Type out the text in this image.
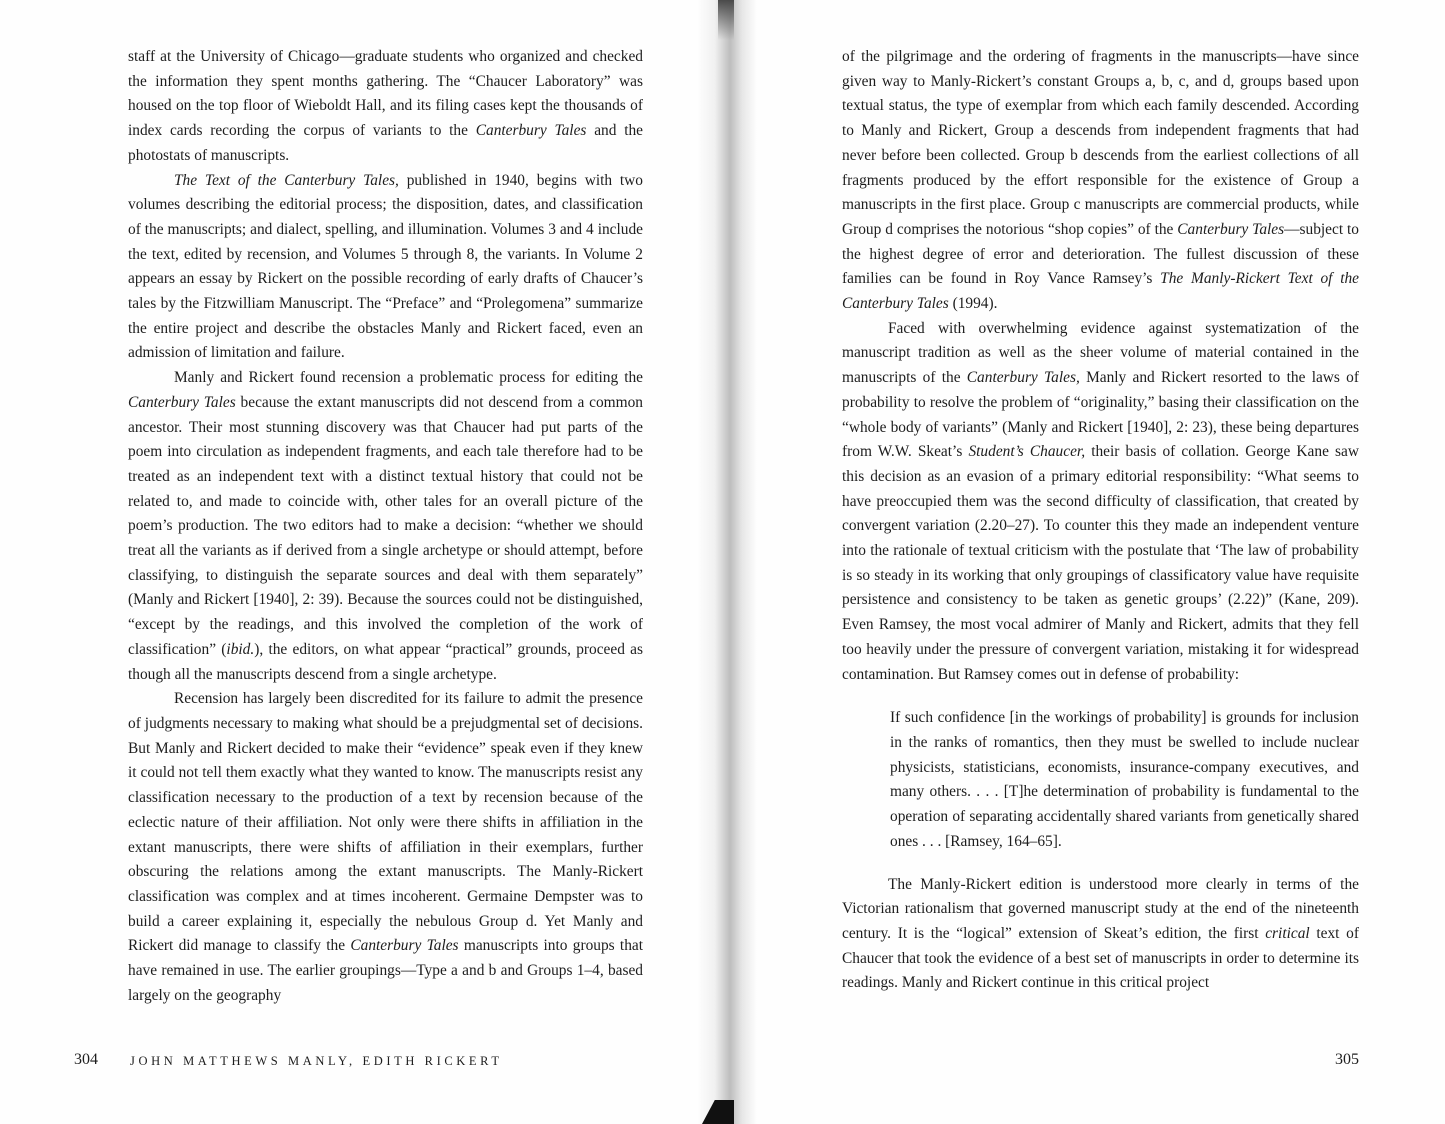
staff at the University of Chicago—graduate students who organized and checked the information they spent months gathering. The “Chaucer Laboratory” was housed on the top floor of Wieboldt Hall, and its filing cases kept the thousands of index cards recording the corpus of variants to the Canterbury Tales and the photostats of manuscripts.

The Text of the Canterbury Tales, published in 1940, begins with two volumes describing the editorial process; the disposition, dates, and classification of the manuscripts; and dialect, spelling, and illumination. Volumes 3 and 4 include the text, edited by recension, and Volumes 5 through 8, the variants. In Volume 2 appears an essay by Rickert on the possible recording of early drafts of Chaucer’s tales by the Fitzwilliam Manuscript. The “Preface” and “Prolegomena” summarize the entire project and describe the obstacles Manly and Rickert faced, even an admission of limitation and failure.

Manly and Rickert found recension a problematic process for editing the Canterbury Tales because the extant manuscripts did not descend from a common ancestor. Their most stunning discovery was that Chaucer had put parts of the poem into circulation as independent fragments, and each tale therefore had to be treated as an independent text with a distinct textual history that could not be related to, and made to coincide with, other tales for an overall picture of the poem’s production. The two editors had to make a decision: “whether we should treat all the variants as if derived from a single archetype or should attempt, before classifying, to distinguish the separate sources and deal with them separately” (Manly and Rickert [1940], 2: 39). Because the sources could not be distinguished, “except by the readings, and this involved the completion of the work of classification” (ibid.), the editors, on what appear “practical” grounds, proceed as though all the manuscripts descend from a single archetype.

Recension has largely been discredited for its failure to admit the presence of judgments necessary to making what should be a prejudgmental set of decisions. But Manly and Rickert decided to make their “evidence” speak even if they knew it could not tell them exactly what they wanted to know. The manuscripts resist any classification necessary to the production of a text by recension because of the eclectic nature of their affiliation. Not only were there shifts in affiliation in the extant manuscripts, there were shifts of affiliation in their exemplars, further obscuring the relations among the extant manuscripts. The Manly-Rickert classification was complex and at times incoherent. Germaine Dempster was to build a career explaining it, especially the nebulous Group d. Yet Manly and Rickert did manage to classify the Canterbury Tales manuscripts into groups that have remained in use. The earlier groupings—Type a and b and Groups 1–4, based largely on the geography

304	JOHN MATTHEWS MANLY, EDITH RICKERT

of the pilgrimage and the ordering of fragments in the manuscripts—have since given way to Manly-Rickert’s constant Groups a, b, c, and d, groups based upon textual status, the type of exemplar from which each family descended. According to Manly and Rickert, Group a descends from independent fragments that had never before been collected. Group b descends from the earliest collections of all fragments produced by the effort responsible for the existence of Group a manuscripts in the first place. Group c manuscripts are commercial products, while Group d comprises the notorious “shop copies” of the Canterbury Tales—subject to the highest degree of error and deterioration. The fullest discussion of these families can be found in Roy Vance Ramsey’s The Manly-Rickert Text of the Canterbury Tales (1994).

Faced with overwhelming evidence against systematization of the manuscript tradition as well as the sheer volume of material contained in the manuscripts of the Canterbury Tales, Manly and Rickert resorted to the laws of probability to resolve the problem of “originality,” basing their classification on the “whole body of variants” (Manly and Rickert [1940], 2: 23), these being departures from W.W. Skeat’s Student’s Chaucer, their basis of collation. George Kane saw this decision as an evasion of a primary editorial responsibility: “What seems to have preoccupied them was the second difficulty of classification, that created by convergent variation (2.20–27). To counter this they made an independent venture into the rationale of textual criticism with the postulate that ‘The law of probability is so steady in its working that only groupings of classificatory value have requisite persistence and consistency to be taken as genetic groups’ (2.22)” (Kane, 209). Even Ramsey, the most vocal admirer of Manly and Rickert, admits that they fell too heavily under the pressure of convergent variation, mistaking it for widespread contamination. But Ramsey comes out in defense of probability:

If such confidence [in the workings of probability] is grounds for inclusion in the ranks of romantics, then they must be swelled to include nuclear physicists, statisticians, economists, insurance-company executives, and many others. . . . [T]he determination of probability is fundamental to the operation of separating accidentally shared variants from genetically shared ones . . . [Ramsey, 164–65].

The Manly-Rickert edition is understood more clearly in terms of the Victorian rationalism that governed manuscript study at the end of the nineteenth century. It is the “logical” extension of Skeat’s edition, the first critical text of Chaucer that took the evidence of a best set of manuscripts in order to determine its readings. Manly and Rickert continue in this critical project

305
